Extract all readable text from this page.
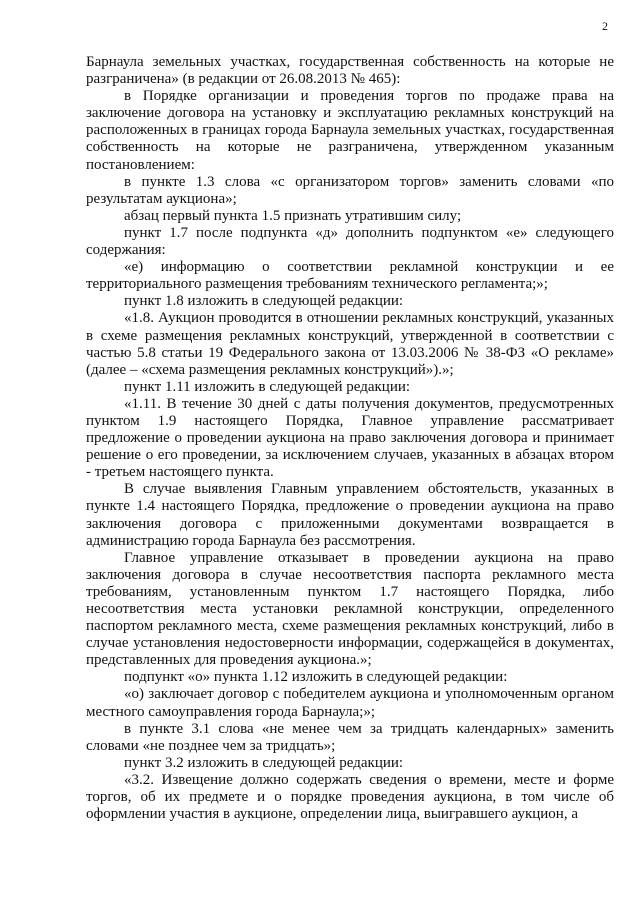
2

Барнаула земельных участках, государственная собственность на которые не разграничена» (в редакции от 26.08.2013 № 465):

в Порядке организации и проведения торгов по продаже права на заключение договора на установку и эксплуатацию рекламных конструкций на расположенных в границах города Барнаула земельных участках, государственная собственность на которые не разграничена, утвержденном указанным постановлением:

в пункте 1.3 слова «с организатором торгов» заменить словами «по результатам аукциона»;

абзац первый пункта 1.5 признать утратившим силу;

пункт 1.7 после подпункта «д» дополнить подпунктом «е» следующего содержания:

«е) информацию о соответствии рекламной конструкции и ее территориального размещения требованиям технического регламента;»;

пункт 1.8 изложить в следующей редакции:

«1.8. Аукцион проводится в отношении рекламных конструкций, указанных в схеме размещения рекламных конструкций, утвержденной в соответствии с частью 5.8 статьи 19 Федерального закона от 13.03.2006 № 38-ФЗ «О рекламе» (далее – «схема размещения рекламных конструкций»).»;

пункт 1.11 изложить в следующей редакции:

«1.11. В течение 30 дней с даты получения документов, предусмотренных пунктом 1.9 настоящего Порядка, Главное управление рассматривает предложение о проведении аукциона на право заключения договора и принимает решение о его проведении, за исключением случаев, указанных в абзацах втором - третьем настоящего пункта.

В случае выявления Главным управлением обстоятельств, указанных в пункте 1.4 настоящего Порядка, предложение о проведении аукциона на право заключения договора с приложенными документами возвращается в администрацию города Барнаула без рассмотрения.

Главное управление отказывает в проведении аукциона на право заключения договора в случае несоответствия паспорта рекламного места требованиям, установленным пунктом 1.7 настоящего Порядка, либо несоответствия места установки рекламной конструкции, определенного паспортом рекламного места, схеме размещения рекламных конструкций, либо в случае установления недостоверности информации, содержащейся в документах, представленных для проведения аукциона.»;

подпункт «о» пункта 1.12 изложить в следующей редакции:

«о) заключает договор с победителем аукциона и уполномоченным органом местного самоуправления города Барнаула;»;

в пункте 3.1 слова «не менее чем за тридцать календарных» заменить словами «не позднее чем за тридцать»;

пункт 3.2 изложить в следующей редакции:

«3.2. Извещение должно содержать сведения о времени, месте и форме торгов, об их предмете и о порядке проведения аукциона, в том числе об оформлении участия в аукционе, определении лица, выигравшего аукцион, а
